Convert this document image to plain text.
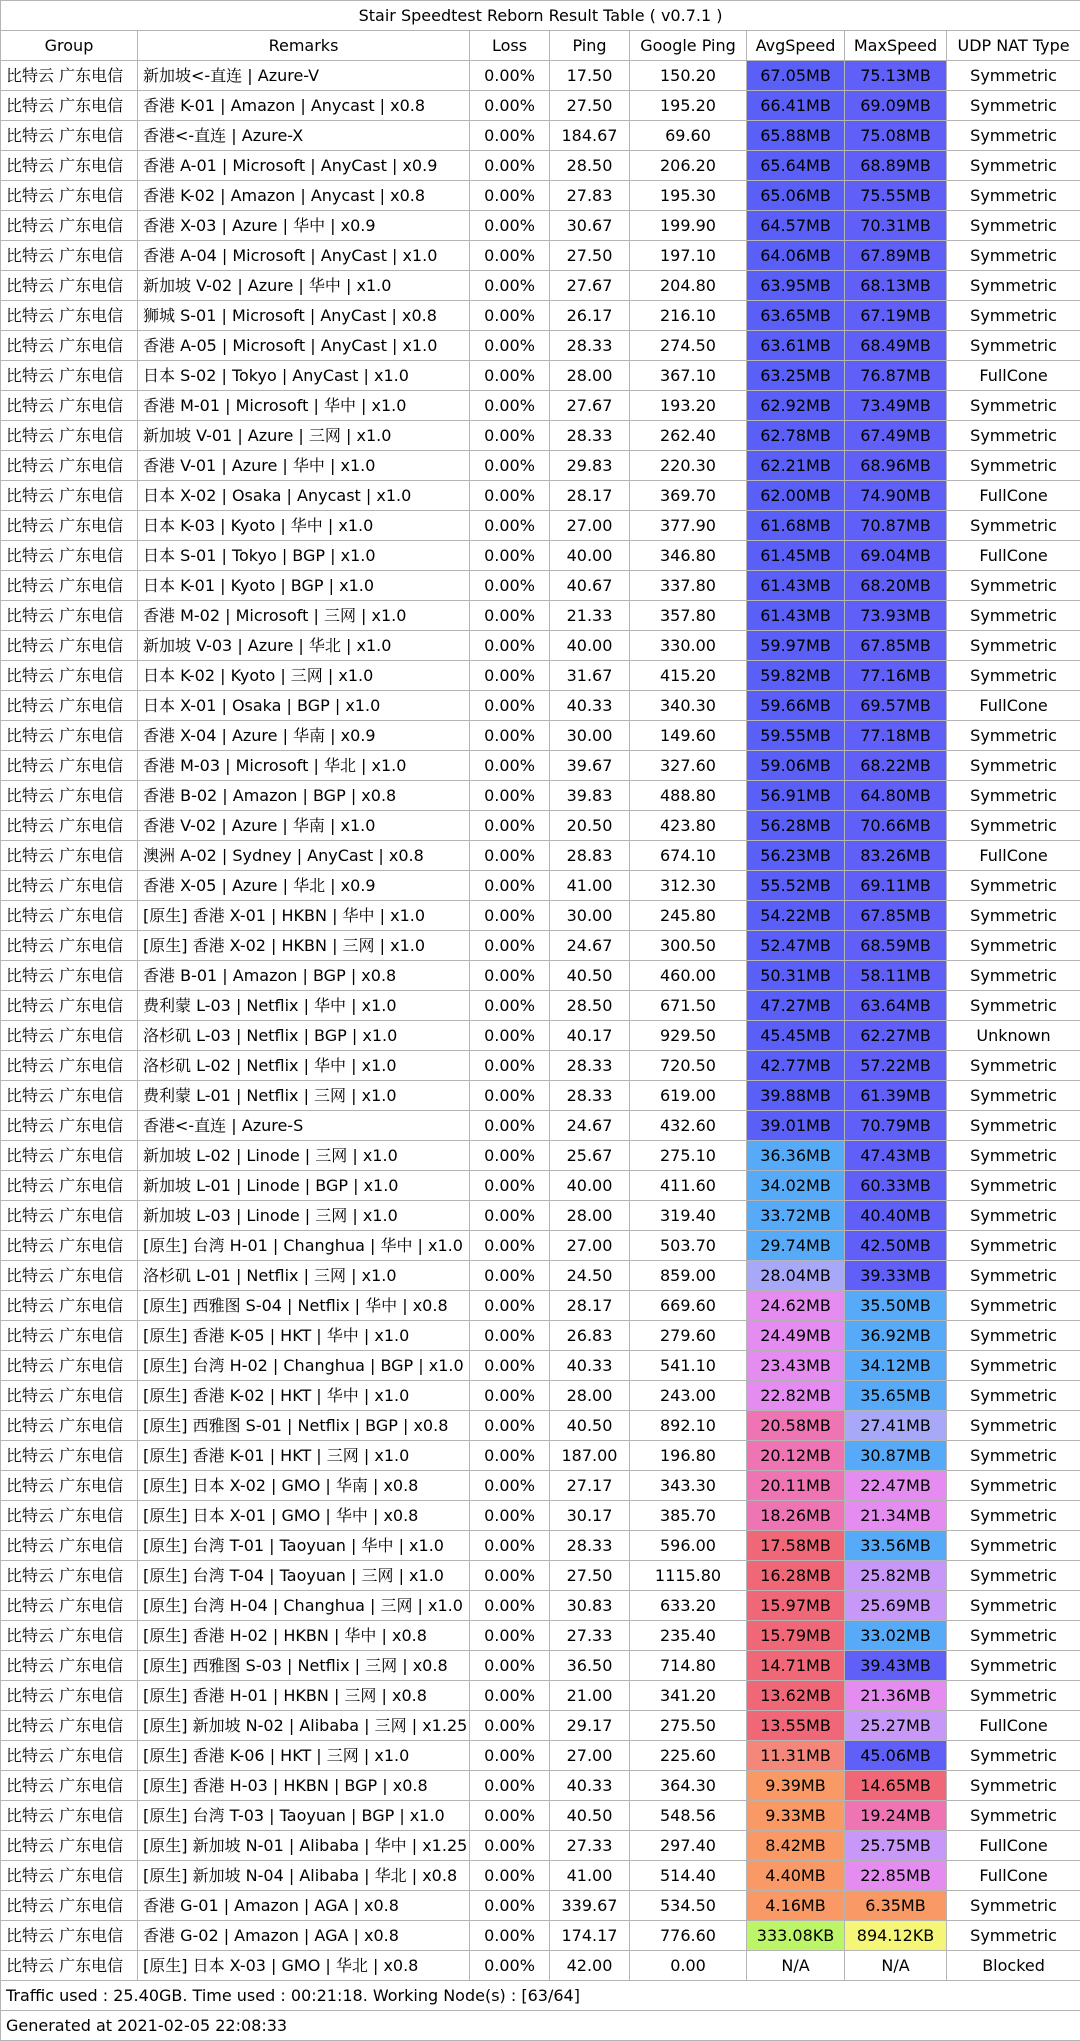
Stair Speedtest Reborn Result Table ( v0.7.1 )							
Group	Remarks	Loss	Ping	Google Ping	AvgSpeed	MaxSpeed	UDP NAT Type
比特云 广东电信	新加坡<-直连 | Azure-V	0.00%	17.50	150.20	67.05MB	75.13MB	Symmetric
比特云 广东电信	香港 K-01 | Amazon | Anycast | x0.8	0.00%	27.50	195.20	66.41MB	69.09MB	Symmetric
比特云 广东电信	香港<-直连 | Azure-X	0.00%	184.67	69.60	65.88MB	75.08MB	Symmetric
比特云 广东电信	香港 A-01 | Microsoft | AnyCast | x0.9	0.00%	28.50	206.20	65.64MB	68.89MB	Symmetric
比特云 广东电信	香港 K-02 | Amazon | Anycast | x0.8	0.00%	27.83	195.30	65.06MB	75.55MB	Symmetric
比特云 广东电信	香港 X-03 | Azure | 华中 | x0.9	0.00%	30.67	199.90	64.57MB	70.31MB	Symmetric
比特云 广东电信	香港 A-04 | Microsoft | AnyCast | x1.0	0.00%	27.50	197.10	64.06MB	67.89MB	Symmetric
比特云 广东电信	新加坡 V-02 | Azure | 华中 | x1.0	0.00%	27.67	204.80	63.95MB	68.13MB	Symmetric
比特云 广东电信	狮城 S-01 | Microsoft | AnyCast | x0.8	0.00%	26.17	216.10	63.65MB	67.19MB	Symmetric
比特云 广东电信	香港 A-05 | Microsoft | AnyCast | x1.0	0.00%	28.33	274.50	63.61MB	68.49MB	Symmetric
比特云 广东电信	日本 S-02 | Tokyo | AnyCast | x1.0	0.00%	28.00	367.10	63.25MB	76.87MB	FullCone
比特云 广东电信	香港 M-01 | Microsoft | 华中 | x1.0	0.00%	27.67	193.20	62.92MB	73.49MB	Symmetric
比特云 广东电信	新加坡 V-01 | Azure | 三网 | x1.0	0.00%	28.33	262.40	62.78MB	67.49MB	Symmetric
比特云 广东电信	香港 V-01 | Azure | 华中 | x1.0	0.00%	29.83	220.30	62.21MB	68.96MB	Symmetric
比特云 广东电信	日本 X-02 | Osaka | Anycast | x1.0	0.00%	28.17	369.70	62.00MB	74.90MB	FullCone
比特云 广东电信	日本 K-03 | Kyoto | 华中 | x1.0	0.00%	27.00	377.90	61.68MB	70.87MB	Symmetric
比特云 广东电信	日本 S-01 | Tokyo | BGP | x1.0	0.00%	40.00	346.80	61.45MB	69.04MB	FullCone
比特云 广东电信	日本 K-01 | Kyoto | BGP | x1.0	0.00%	40.67	337.80	61.43MB	68.20MB	Symmetric
比特云 广东电信	香港 M-02 | Microsoft | 三网 | x1.0	0.00%	21.33	357.80	61.43MB	73.93MB	Symmetric
比特云 广东电信	新加坡 V-03 | Azure | 华北 | x1.0	0.00%	40.00	330.00	59.97MB	67.85MB	Symmetric
比特云 广东电信	日本 K-02 | Kyoto | 三网 | x1.0	0.00%	31.67	415.20	59.82MB	77.16MB	Symmetric
比特云 广东电信	日本 X-01 | Osaka | BGP | x1.0	0.00%	40.33	340.30	59.66MB	69.57MB	FullCone
比特云 广东电信	香港 X-04 | Azure | 华南 | x0.9	0.00%	30.00	149.60	59.55MB	77.18MB	Symmetric
比特云 广东电信	香港 M-03 | Microsoft | 华北 | x1.0	0.00%	39.67	327.60	59.06MB	68.22MB	Symmetric
比特云 广东电信	香港 B-02 | Amazon | BGP | x0.8	0.00%	39.83	488.80	56.91MB	64.80MB	Symmetric
比特云 广东电信	香港 V-02 | Azure | 华南 | x1.0	0.00%	20.50	423.80	56.28MB	70.66MB	Symmetric
比特云 广东电信	澳洲 A-02 | Sydney | AnyCast | x0.8	0.00%	28.83	674.10	56.23MB	83.26MB	FullCone
比特云 广东电信	香港 X-05 | Azure | 华北 | x0.9	0.00%	41.00	312.30	55.52MB	69.11MB	Symmetric
比特云 广东电信	[原生] 香港 X-01 | HKBN | 华中 | x1.0	0.00%	30.00	245.80	54.22MB	67.85MB	Symmetric
比特云 广东电信	[原生] 香港 X-02 | HKBN | 三网 | x1.0	0.00%	24.67	300.50	52.47MB	68.59MB	Symmetric
比特云 广东电信	香港 B-01 | Amazon | BGP | x0.8	0.00%	40.50	460.00	50.31MB	58.11MB	Symmetric
比特云 广东电信	费利蒙 L-03 | Netflix | 华中 | x1.0	0.00%	28.50	671.50	47.27MB	63.64MB	Symmetric
比特云 广东电信	洛杉矶 L-03 | Netflix | BGP | x1.0	0.00%	40.17	929.50	45.45MB	62.27MB	Unknown
比特云 广东电信	洛杉矶 L-02 | Netflix | 华中 | x1.0	0.00%	28.33	720.50	42.77MB	57.22MB	Symmetric
比特云 广东电信	费利蒙 L-01 | Netflix | 三网 | x1.0	0.00%	28.33	619.00	39.88MB	61.39MB	Symmetric
比特云 广东电信	香港<-直连 | Azure-S	0.00%	24.67	432.60	39.01MB	70.79MB	Symmetric
比特云 广东电信	新加坡 L-02 | Linode | 三网 | x1.0	0.00%	25.67	275.10	36.36MB	47.43MB	Symmetric
比特云 广东电信	新加坡 L-01 | Linode | BGP | x1.0	0.00%	40.00	411.60	34.02MB	60.33MB	Symmetric
比特云 广东电信	新加坡 L-03 | Linode | 三网 | x1.0	0.00%	28.00	319.40	33.72MB	40.40MB	Symmetric
比特云 广东电信	[原生] 台湾 H-01 | Changhua | 华中 | x1.0	0.00%	27.00	503.70	29.74MB	42.50MB	Symmetric
比特云 广东电信	洛杉矶 L-01 | Netflix | 三网 | x1.0	0.00%	24.50	859.00	28.04MB	39.33MB	Symmetric
比特云 广东电信	[原生] 西雅图 S-04 | Netflix | 华中 | x0.8	0.00%	28.17	669.60	24.62MB	35.50MB	Symmetric
比特云 广东电信	[原生] 香港 K-05 | HKT | 华中 | x1.0	0.00%	26.83	279.60	24.49MB	36.92MB	Symmetric
比特云 广东电信	[原生] 台湾 H-02 | Changhua | BGP | x1.0	0.00%	40.33	541.10	23.43MB	34.12MB	Symmetric
比特云 广东电信	[原生] 香港 K-02 | HKT | 华中 | x1.0	0.00%	28.00	243.00	22.82MB	35.65MB	Symmetric
比特云 广东电信	[原生] 西雅图 S-01 | Netflix | BGP | x0.8	0.00%	40.50	892.10	20.58MB	27.41MB	Symmetric
比特云 广东电信	[原生] 香港 K-01 | HKT | 三网 | x1.0	0.00%	187.00	196.80	20.12MB	30.87MB	Symmetric
比特云 广东电信	[原生] 日本 X-02 | GMO | 华南 | x0.8	0.00%	27.17	343.30	20.11MB	22.47MB	Symmetric
比特云 广东电信	[原生] 日本 X-01 | GMO | 华中 | x0.8	0.00%	30.17	385.70	18.26MB	21.34MB	Symmetric
比特云 广东电信	[原生] 台湾 T-01 | Taoyuan | 华中 | x1.0	0.00%	28.33	596.00	17.58MB	33.56MB	Symmetric
比特云 广东电信	[原生] 台湾 T-04 | Taoyuan | 三网 | x1.0	0.00%	27.50	1115.80	16.28MB	25.82MB	Symmetric
比特云 广东电信	[原生] 台湾 H-04 | Changhua | 三网 | x1.0	0.00%	30.83	633.20	15.97MB	25.69MB	Symmetric
比特云 广东电信	[原生] 香港 H-02 | HKBN | 华中 | x0.8	0.00%	27.33	235.40	15.79MB	33.02MB	Symmetric
比特云 广东电信	[原生] 西雅图 S-03 | Netflix | 三网 | x0.8	0.00%	36.50	714.80	14.71MB	39.43MB	Symmetric
比特云 广东电信	[原生] 香港 H-01 | HKBN | 三网 | x0.8	0.00%	21.00	341.20	13.62MB	21.36MB	Symmetric
比特云 广东电信	[原生] 新加坡 N-02 | Alibaba | 三网 | x1.25	0.00%	29.17	275.50	13.55MB	25.27MB	FullCone
比特云 广东电信	[原生] 香港 K-06 | HKT | 三网 | x1.0	0.00%	27.00	225.60	11.31MB	45.06MB	Symmetric
比特云 广东电信	[原生] 香港 H-03 | HKBN | BGP | x0.8	0.00%	40.33	364.30	9.39MB	14.65MB	Symmetric
比特云 广东电信	[原生] 台湾 T-03 | Taoyuan | BGP | x1.0	0.00%	40.50	548.56	9.33MB	19.24MB	Symmetric
比特云 广东电信	[原生] 新加坡 N-01 | Alibaba | 华中 | x1.25	0.00%	27.33	297.40	8.42MB	25.75MB	FullCone
比特云 广东电信	[原生] 新加坡 N-04 | Alibaba | 华北 | x0.8	0.00%	41.00	514.40	4.40MB	22.85MB	FullCone
比特云 广东电信	香港 G-01 | Amazon | AGA | x0.8	0.00%	339.67	534.50	4.16MB	6.35MB	Symmetric
比特云 广东电信	香港 G-02 | Amazon | AGA | x0.8	0.00%	174.17	776.60	333.08KB	894.12KB	Symmetric
比特云 广东电信	[原生] 日本 X-03 | GMO | 华北 | x0.8	0.00%	42.00	0.00	N/A	N/A	Blocked
Traffic used : 25.40GB. Time used : 00:21:18. Working Node(s) : [63/64]							
Generated at 2021-02-05 22:08:33							
